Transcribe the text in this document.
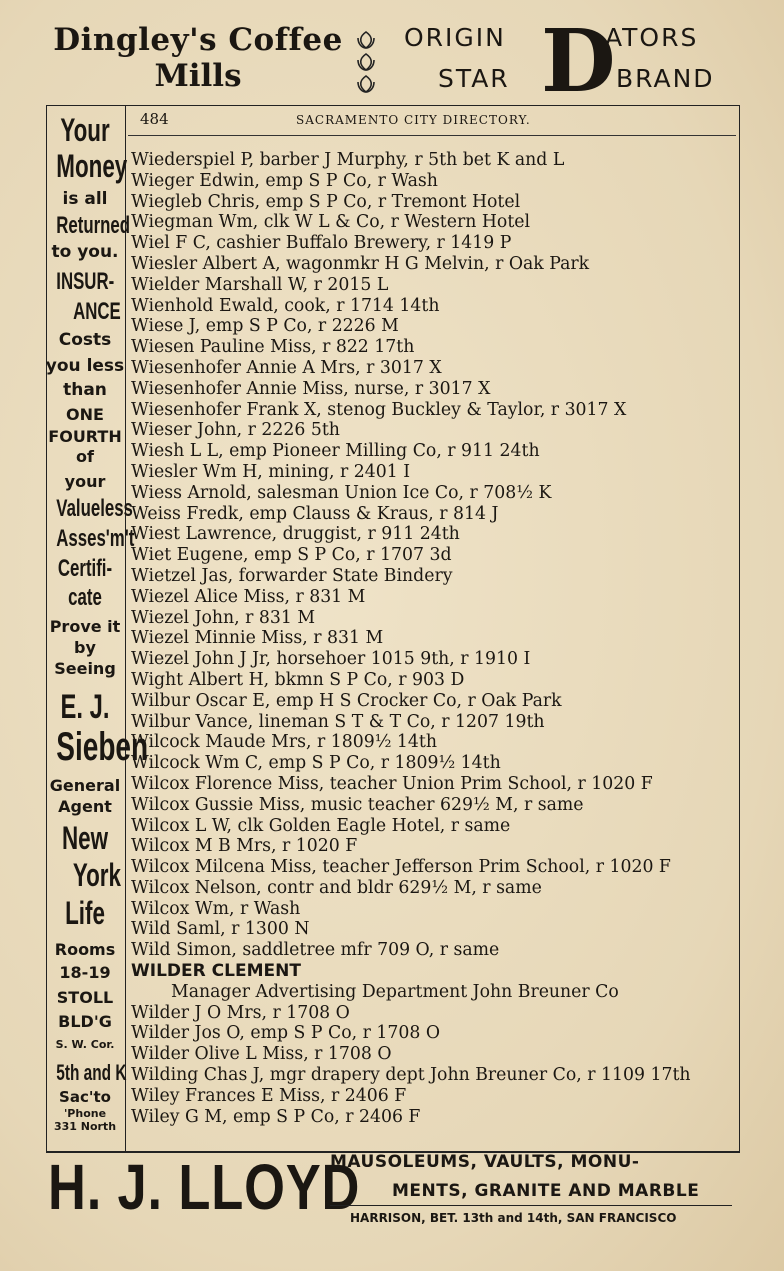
Dingley's Coffee
Mills
ORIGIN	ATORS
STAR	BRAND
D
Your
Money
is all
Returned
to you.
INSUR-
ANCE
Costs
you less
than
ONE
FOURTH
of
your
Valueless
Asses'm't
Certifi-
cate
Prove it
by
Seeing
E. J.
Sieben
General
Agent
New
York
Life
Rooms
18-19
STOLL
BLD'G
S. W. Cor.
5th and K
Sac'to
'Phone
331 North
484	SACRAMENTO CITY DIRECTORY.
Wiederspiel P, barber J Murphy, r 5th bet K and L
Wieger Edwin, emp S P Co, r Wash
Wiegleb Chris, emp S P Co, r Tremont Hotel
Wiegman Wm, clk W L & Co, r Western Hotel
Wiel F C, cashier Buffalo Brewery, r 1419 P
Wiesler Albert A, wagonmkr H G Melvin, r Oak Park
Wielder Marshall W, r 2015 L
Wienhold Ewald, cook, r 1714 14th
Wiese J, emp S P Co, r 2226 M
Wiesen Pauline Miss, r 822 17th
Wiesenhofer Annie A Mrs, r 3017 X
Wiesenhofer Annie Miss, nurse, r 3017 X
Wiesenhofer Frank X, stenog Buckley & Taylor, r 3017 X
Wieser John, r 2226 5th
Wiesh L L, emp Pioneer Milling Co, r 911 24th
Wiesler Wm H, mining, r 2401 I
Wiess Arnold, salesman Union Ice Co, r 708½ K
Weiss Fredk, emp Clauss & Kraus, r 814 J
Wiest Lawrence, druggist, r 911 24th
Wiet Eugene, emp S P Co, r 1707 3d
Wietzel Jas, forwarder State Bindery
Wiezel Alice Miss, r 831 M
Wiezel John, r 831 M
Wiezel Minnie Miss, r 831 M
Wiezel John J Jr, horsehoer 1015 9th, r 1910 I
Wight Albert H, bkmn S P Co, r 903 D
Wilbur Oscar E, emp H S Crocker Co, r Oak Park
Wilbur Vance, lineman S T & T Co, r 1207 19th
Wilcock Maude Mrs, r 1809½ 14th
Wilcock Wm C, emp S P Co, r 1809½ 14th
Wilcox Florence Miss, teacher Union Prim School, r 1020 F
Wilcox Gussie Miss, music teacher 629½ M, r same
Wilcox L W, clk Golden Eagle Hotel, r same
Wilcox M B Mrs, r 1020 F
Wilcox Milcena Miss, teacher Jefferson Prim School, r 1020 F
Wilcox Nelson, contr and bldr 629½ M, r same
Wilcox Wm, r Wash
Wild Saml, r 1300 N
Wild Simon, saddletree mfr 709 O, r same
WILDER CLEMENT
Manager Advertising Department John Breuner Co
Wilder J O Mrs, r 1708 O
Wilder Jos O, emp S P Co, r 1708 O
Wilder Olive L Miss, r 1708 O
Wilding Chas J, mgr drapery dept John Breuner Co, r 1109 17th
Wiley Frances E Miss, r 2406 F
Wiley G M, emp S P Co, r 2406 F
H. J. LLOYD
MAUSOLEUMS, VAULTS, MONU-
MENTS, GRANITE AND MARBLE
HARRISON, BET. 13th and 14th, SAN FRANCISCO
